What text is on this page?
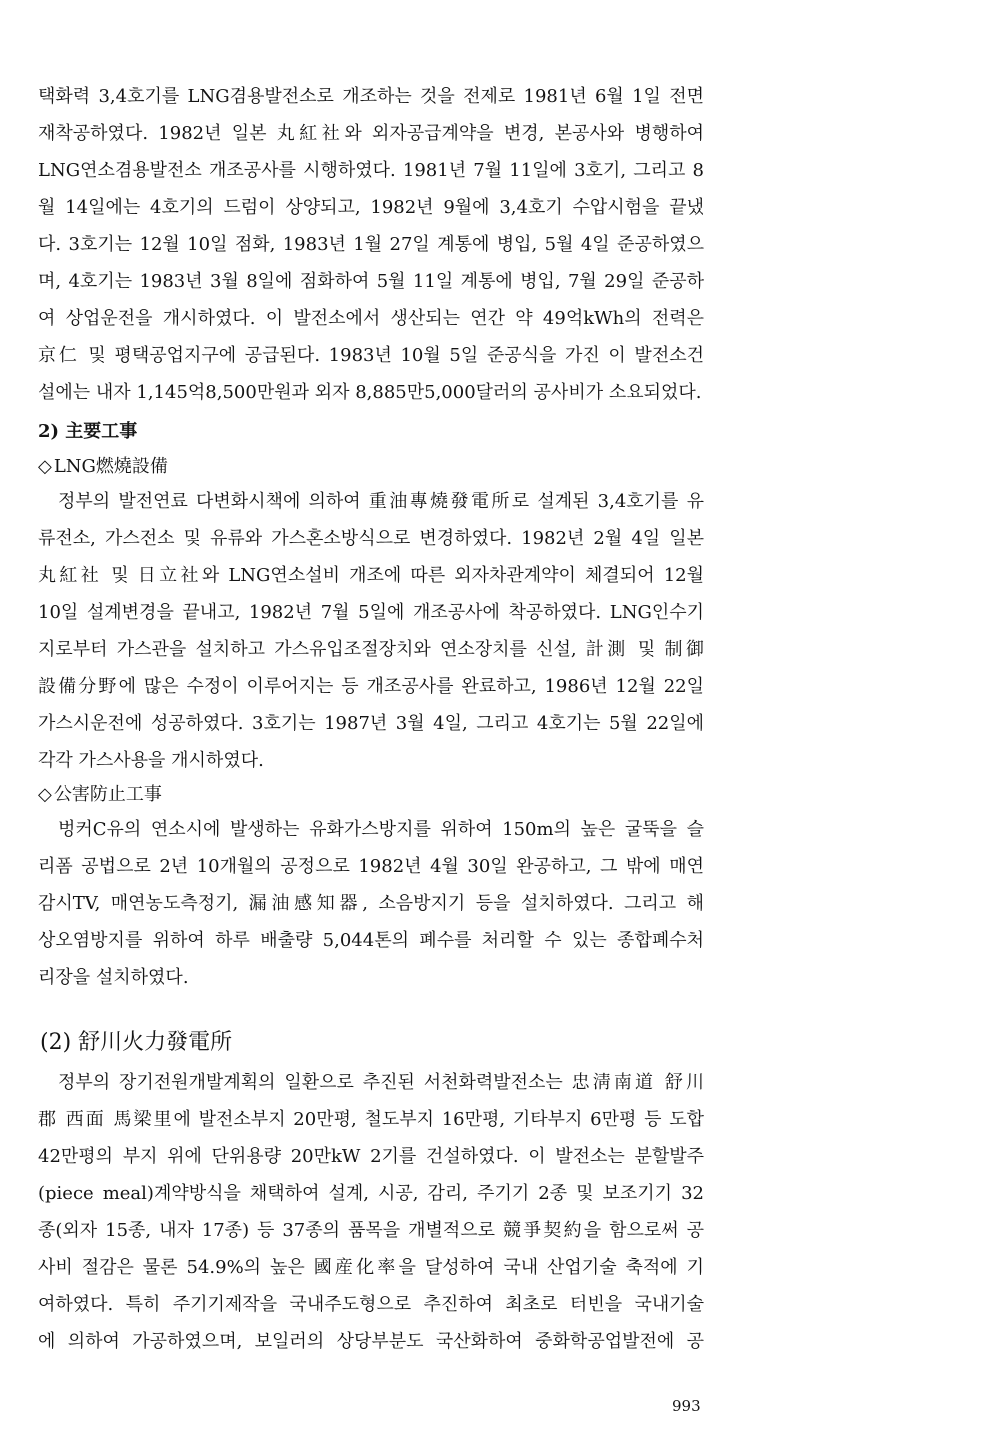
택화력 3,4호기를 LNG겸용발전소로 개조하는 것을 전제로 1981년 6월 1일 전면
재착공하였다. 1982년 일본 丸紅社와 외자공급계약을 변경, 본공사와 병행하여
LNG연소겸용발전소 개조공사를 시행하였다. 1981년 7월 11일에 3호기, 그리고 8
월 14일에는 4호기의 드럼이 상양되고, 1982년 9월에 3,4호기 수압시험을 끝냈
다. 3호기는 12월 10일 점화, 1983년 1월 27일 계통에 병입, 5월 4일 준공하였으
며, 4호기는 1983년 3월 8일에 점화하여 5월 11일 계통에 병입, 7월 29일 준공하
여 상업운전을 개시하였다. 이 발전소에서 생산되는 연간 약 49억kWh의 전력은
京仁 및 평택공업지구에 공급된다. 1983년 10월 5일 준공식을 가진 이 발전소건
설에는 내자 1,145억8,500만원과 외자 8,885만5,000달러의 공사비가 소요되었다.
2) 主要工事
◇ LNG燃燒設備
정부의 발전연료 다변화시책에 의하여 重油專燒發電所로 설계된 3,4호기를 유
류전소, 가스전소 및 유류와 가스혼소방식으로 변경하였다. 1982년 2월 4일 일본
丸紅社 및 日立社와 LNG연소설비 개조에 따른 외자차관계약이 체결되어 12월
10일 설계변경을 끝내고, 1982년 7월 5일에 개조공사에 착공하였다. LNG인수기
지로부터 가스관을 설치하고 가스유입조절장치와 연소장치를 신설, 計測 및 制御
設備分野에 많은 수정이 이루어지는 등 개조공사를 완료하고, 1986년 12월 22일
가스시운전에 성공하였다. 3호기는 1987년 3월 4일, 그리고 4호기는 5월 22일에
각각 가스사용을 개시하였다.
◇ 公害防止工事
벙커C유의 연소시에 발생하는 유화가스방지를 위하여 150m의 높은 굴뚝을 슬
리폼 공법으로 2년 10개월의 공정으로 1982년 4월 30일 완공하고, 그 밖에 매연
감시TV, 매연농도측정기, 漏油感知器, 소음방지기 등을 설치하였다. 그리고 해
상오염방지를 위하여 하루 배출량 5,044톤의 폐수를 처리할 수 있는 종합폐수처
리장을 설치하였다.
(2) 舒川火力發電所
정부의 장기전원개발계획의 일환으로 추진된 서천화력발전소는 忠淸南道 舒川
郡 西面 馬梁里에 발전소부지 20만평, 철도부지 16만평, 기타부지 6만평 등 도합
42만평의 부지 위에 단위용량 20만kW 2기를 건설하였다. 이 발전소는 분할발주
(piece meal)계약방식을 채택하여 설계, 시공, 감리, 주기기 2종 및 보조기기 32
종(외자 15종, 내자 17종) 등 37종의 품목을 개별적으로 競爭契約을 함으로써 공
사비 절감은 물론 54.9%의 높은 國産化率을 달성하여 국내 산업기술 축적에 기
여하였다. 특히 주기기제작을 국내주도형으로 추진하여 최초로 터빈을 국내기술
에 의하여 가공하였으며, 보일러의 상당부분도 국산화하여 중화학공업발전에 공
993
